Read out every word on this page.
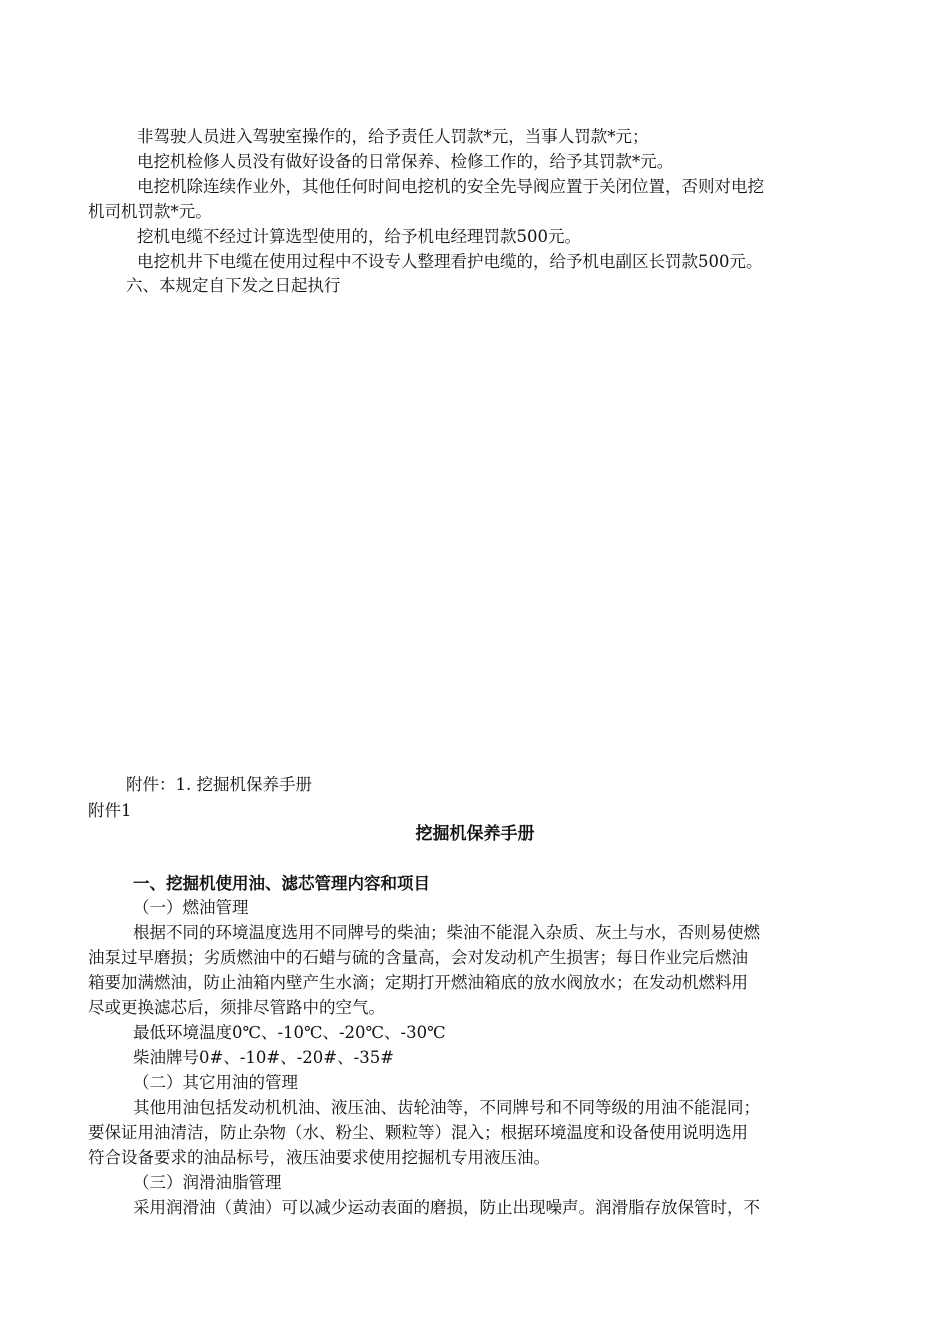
非驾驶人员进入驾驶室操作的，给予责任人罚款*元，当事人罚款*元；
电挖机检修人员没有做好设备的日常保养、检修工作的，给予其罚款*元。
电挖机除连续作业外，其他任何时间电挖机的安全先导阀应置于关闭位置，否则对电挖
机司机罚款*元。
挖机电缆不经过计算选型使用的，给予机电经理罚款500元。
电挖机井下电缆在使用过程中不设专人整理看护电缆的，给予机电副区长罚款500元。
六、本规定自下发之日起执行
附件：1. 挖掘机保养手册
附件1
挖掘机保养手册
一、挖掘机使用油、滤芯管理内容和项目
（一）燃油管理
根据不同的环境温度选用不同牌号的柴油；柴油不能混入杂质、灰土与水，否则易使燃
油泵过早磨损；劣质燃油中的石蜡与硫的含量高，会对发动机产生损害；每日作业完后燃油
箱要加满燃油，防止油箱内壁产生水滴；定期打开燃油箱底的放水阀放水；在发动机燃料用
尽或更换滤芯后，须排尽管路中的空气。
最低环境温度0℃、-10℃、-20℃、-30℃
柴油牌号0#、-10#、-20#、-35#
（二）其它用油的管理
其他用油包括发动机机油、液压油、齿轮油等，不同牌号和不同等级的用油不能混同；
要保证用油清洁，防止杂物（水、粉尘、颗粒等）混入；根据环境温度和设备使用说明选用
符合设备要求的油品标号，液压油要求使用挖掘机专用液压油。
（三）润滑油脂管理
采用润滑油（黄油）可以减少运动表面的磨损，防止出现噪声。润滑脂存放保管时，不
